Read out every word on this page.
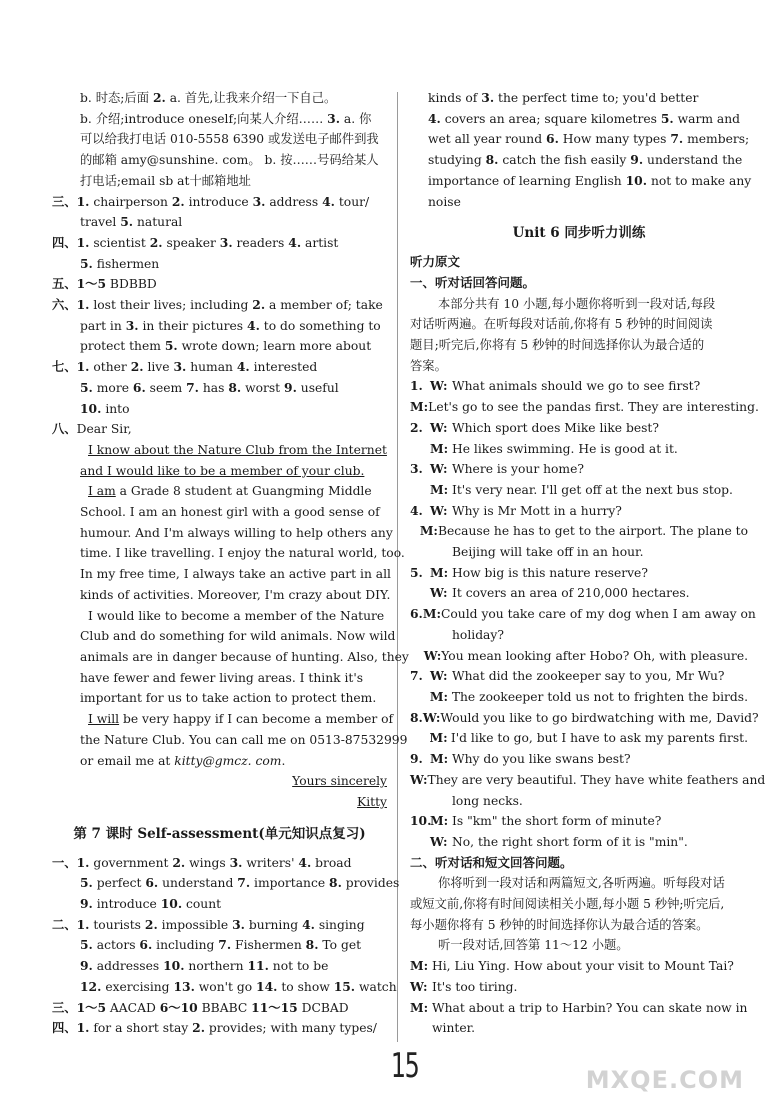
b. 时态;后面 2. a. 首先,让我来介绍一下自己。
b. 介绍;introduce oneself;向某人介绍…… 3. a. 你
可以给我打电话 010-5558 6390 或发送电子邮件到我
的邮箱 amy@sunshine. com。 b. 按……号码给某人
打电话;email sb at十邮箱地址
三、1. chairperson 2. introduce 3. address 4. tour/
travel 5. natural
四、1. scientist 2. speaker 3. readers 4. artist
5. fishermen
五、1～5 BDBBD
六、1. lost their lives; including 2. a member of; take
part in 3. in their pictures 4. to do something to
protect them 5. wrote down; learn more about
七、1. other 2. live 3. human 4. interested
5. more 6. seem 7. has 8. worst 9. useful
10. into
八、Dear Sir,
I know about the Nature Club from the Internet
and I would like to be a member of your club.
I am a Grade 8 student at Guangming Middle
School. I am an honest girl with a good sense of
humour. And I'm always willing to help others any
time. I like travelling. I enjoy the natural world, too.
In my free time, I always take an active part in all
kinds of activities. Moreover, I'm crazy about DIY.
I would like to become a member of the Nature
Club and do something for wild animals. Now wild
animals are in danger because of hunting. Also, they
have fewer and fewer living areas. I think it's
important for us to take action to protect them.
I will be very happy if I can become a member of
the Nature Club. You can call me on 0513-87532999
or email me at kitty@gmcz. com.
Yours sincerely
Kitty
第 7 课时 Self-assessment(单元知识点复习)
一、1. government 2. wings 3. writers' 4. broad
5. perfect 6. understand 7. importance 8. provides
9. introduce 10. count
二、1. tourists 2. impossible 3. burning 4. singing
5. actors 6. including 7. Fishermen 8. To get
9. addresses 10. northern 11. not to be
12. exercising 13. won't go 14. to show 15. watch
三、1～5 AACAD 6～10 BBABC 11～15 DCBAD
四、1. for a short stay 2. provides; with many types/
kinds of 3. the perfect time to; you'd better
4. covers an area; square kilometres 5. warm and
wet all year round 6. How many types 7. members;
studying 8. catch the fish easily 9. understand the
importance of learning English 10. not to make any
noise
Unit 6 同步听力训练
听力原文
一、听对话回答问题。
本部分共有 10 小题,每小题你将听到一段对话,每段
对话听两遍。在听每段对话前,你将有 5 秒钟的时间阅读
题目;听完后,你将有 5 秒钟的时间选择你认为最合适的
答案。
1. W: What animals should we go to see first?
M: Let's go to see the pandas first. They are interesting.
2. W: Which sport does Mike like best?
M: He likes swimming. He is good at it.
3. W: Where is your home?
M: It's very near. I'll get off at the next bus stop.
4. W: Why is Mr Mott in a hurry?
M: Because he has to get to the airport. The plane to
Beijing will take off in an hour.
5. M: How big is this nature reserve?
W: It covers an area of 210,000 hectares.
6. M: Could you take care of my dog when I am away on
holiday?
W: You mean looking after Hobo? Oh, with pleasure.
7. W: What did the zookeeper say to you, Mr Wu?
M: The zookeeper told us not to frighten the birds.
8. W: Would you like to go birdwatching with me, David?
M: I'd like to go, but I have to ask my parents first.
9. M: Why do you like swans best?
W: They are very beautiful. They have white feathers and
long necks.
10.
M: Is "km" the short form of minute?
W: No, the right short form of it is "min".
二、听对话和短文回答问题。
你将听到一段对话和两篇短文,各听两遍。听每段对话
或短文前,你将有时间阅读相关小题,每小题 5 秒钟;听完后,
每小题你将有 5 秒钟的时间选择你认为最合适的答案。
听一段对话,回答第 11～12 小题。
M: Hi, Liu Ying. How about your visit to Mount Tai?
W: It's too tiring.
M: What about a trip to Harbin? You can skate now in
winter.
15	MXQE.COM
